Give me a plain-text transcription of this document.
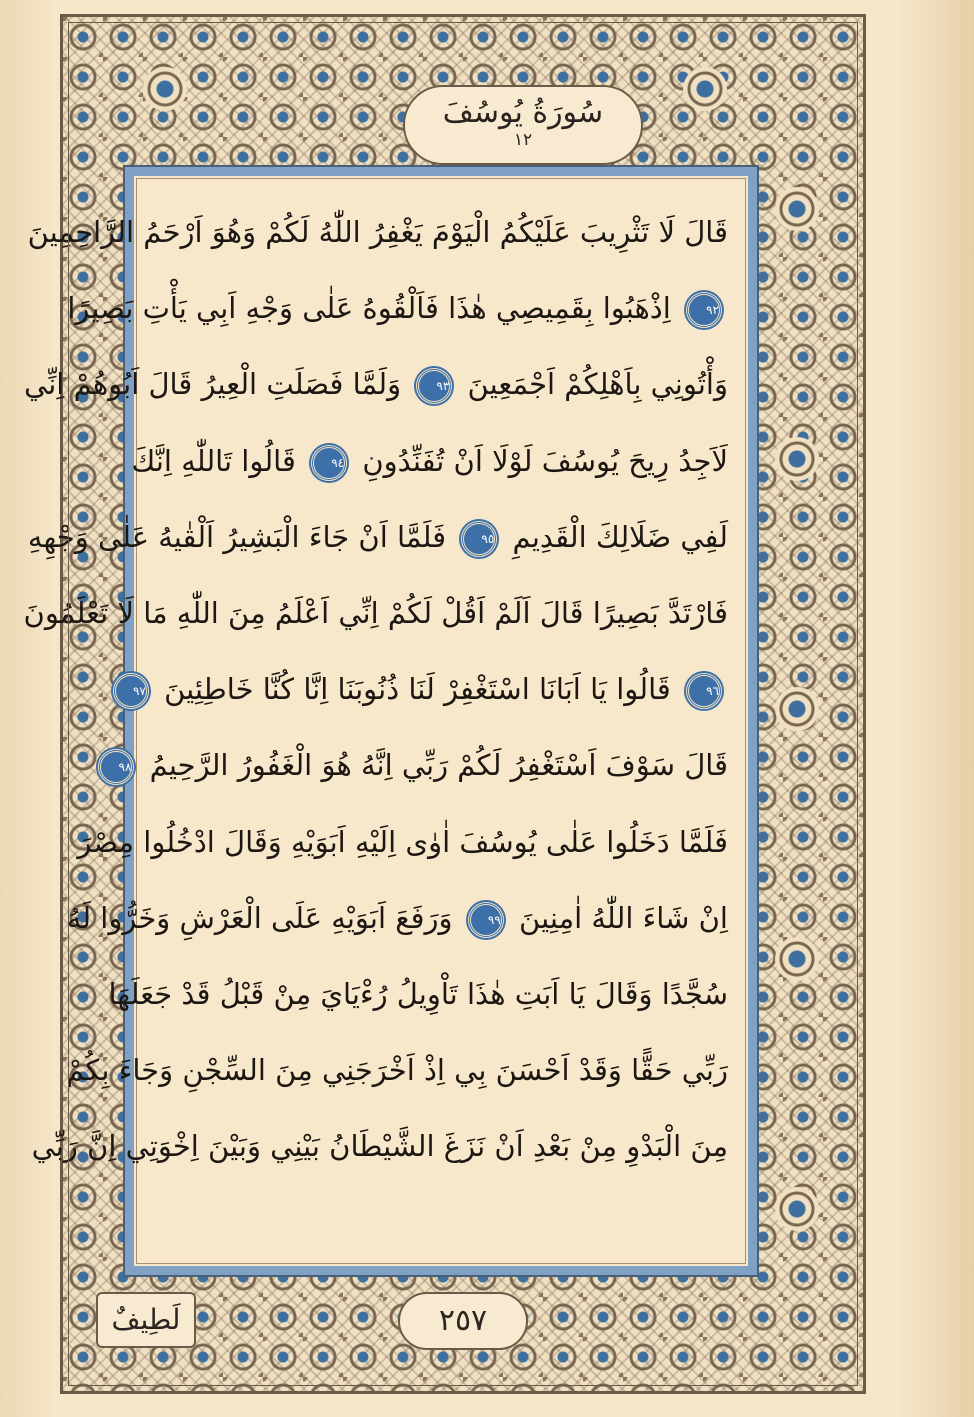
سُورَةُ يُوسُفَ
١٢
قَالَ لَا تَثْرِيبَ عَلَيْكُمُ الْيَوْمَ يَغْفِرُ اللّٰهُ لَكُمْ وَهُوَ اَرْحَمُ الرَّاحِمِينَ
٩٢ اِذْهَبُوا بِقَمِيصِي هٰذَا فَاَلْقُوهُ عَلٰى وَجْهِ اَبِي يَأْتِ بَصِيرًا
وَأْتُونِي بِاَهْلِكُمْ اَجْمَعِينَ ٩٣ وَلَمَّا فَصَلَتِ الْعِيرُ قَالَ اَبُوهُمْ اِنِّي
لَاَجِدُ رِيحَ يُوسُفَ لَوْلَا اَنْ تُفَنِّدُونِ ٩٤ قَالُوا تَاللّٰهِ اِنَّكَ
لَفِي ضَلَالِكَ الْقَدِيمِ ٩٥ فَلَمَّا اَنْ جَاءَ الْبَشِيرُ اَلْقٰيهُ عَلٰى وَجْهِهِ
فَارْتَدَّ بَصِيرًا قَالَ اَلَمْ اَقُلْ لَكُمْ اِنِّي اَعْلَمُ مِنَ اللّٰهِ مَا لَا تَعْلَمُونَ
٩٦ قَالُوا يَا اَبَانَا اسْتَغْفِرْ لَنَا ذُنُوبَنَا اِنَّا كُنَّا خَاطِئِينَ ٩٧
قَالَ سَوْفَ اَسْتَغْفِرُ لَكُمْ رَبِّي اِنَّهُ هُوَ الْغَفُورُ الرَّحِيمُ ٩٨
فَلَمَّا دَخَلُوا عَلٰى يُوسُفَ اٰوٰى اِلَيْهِ اَبَوَيْهِ وَقَالَ ادْخُلُوا مِصْرَ
اِنْ شَاءَ اللّٰهُ اٰمِنِينَ ٩٩ وَرَفَعَ اَبَوَيْهِ عَلَى الْعَرْشِ وَخَرُّوا لَهُ
سُجَّدًا وَقَالَ يَا اَبَتِ هٰذَا تَاْوِيلُ رُءْيَايَ مِنْ قَبْلُ قَدْ جَعَلَهَا
رَبِّي حَقًّا وَقَدْ اَحْسَنَ بِي اِذْ اَخْرَجَنِي مِنَ السِّجْنِ وَجَاءَ بِكُمْ
مِنَ الْبَدْوِ مِنْ بَعْدِ اَنْ نَزَغَ الشَّيْطَانُ بَيْنِي وَبَيْنَ اِخْوَتِي اِنَّ رَبِّي
لَطِيفٌ	٢٥٧
